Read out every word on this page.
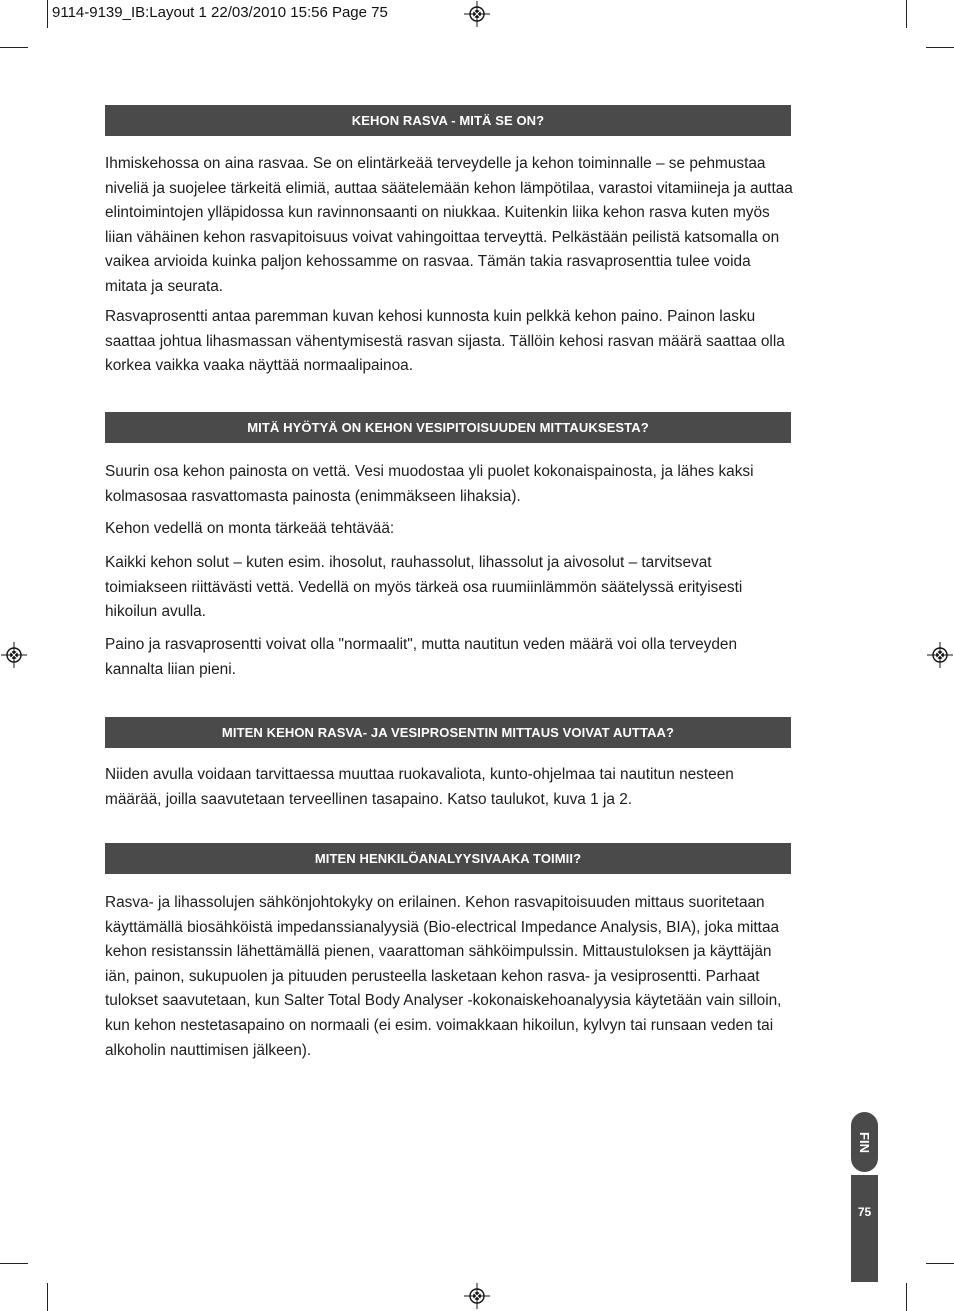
9114-9139_IB:Layout 1 22/03/2010 15:56 Page 75
KEHON RASVA - MITÄ SE ON?

Ihmiskehossa on aina rasvaa. Se on elintärkeää terveydelle ja kehon toiminnalle – se pehmustaa niveliä ja suojelee tärkeitä elimiä, auttaa säätelemään kehon lämpötilaa, varastoi vitamiineja ja auttaa elintoimintojen ylläpidossa kun ravinnonsaanti on niukkaa. Kuitenkin liika kehon rasva kuten myös liian vähäinen kehon rasvapitoisuus voivat vahingoittaa terveyttä. Pelkästään peilistä katsomalla on vaikea arvioida kuinka paljon kehossamme on rasvaa. Tämän takia rasvaprosenttia tulee voida mitata ja seurata.

Rasvaprosentti antaa paremman kuvan kehosi kunnosta kuin pelkkä kehon paino. Painon lasku saattaa johtua lihasmassan vähentymisestä rasvan sijasta. Tällöin kehosi rasvan määrä saattaa olla korkea vaikka vaaka näyttää normaalipainoa.

MITÄ HYÖTYÄ ON KEHON VESIPITOISUUDEN MITTAUKSESTA?

Suurin osa kehon painosta on vettä. Vesi muodostaa yli puolet kokonaispainosta, ja lähes kaksi kolmasosaa rasvattomasta painosta (enimmäkseen lihaksia).

Kehon vedellä on monta tärkeää tehtävää:

Kaikki kehon solut – kuten esim. ihosolut, rauhassolut, lihassolut ja aivosolut – tarvitsevat toimiakseen riittävästi vettä. Vedellä on myös tärkeä osa ruumiinlämmön säätelyssä erityisesti hikoilun avulla.

Paino ja rasvaprosentti voivat olla "normaalit", mutta nautitun veden määrä voi olla terveyden kannalta liian pieni.

MITEN KEHON RASVA- JA VESIPROSENTIN MITTAUS VOIVAT AUTTAA?

Niiden avulla voidaan tarvittaessa muuttaa ruokavaliota, kunto-ohjelmaa tai nautitun nesteen määrää, joilla saavutetaan terveellinen tasapaino. Katso taulukot, kuva 1 ja 2.

MITEN HENKILÖANALYYSIVAAKA TOIMII?

Rasva- ja lihassolujen sähkönjohtokyky on erilainen. Kehon rasvapitoisuuden mittaus suoritetaan käyttämällä biosähköistä impedanssianalyysiä (Bio-electrical Impedance Analysis, BIA), joka mittaa kehon resistanssin lähettämällä pienen, vaarattoman sähköimpulssin. Mittaustuloksen ja käyttäjän iän, painon, sukupuolen ja pituuden perusteella lasketaan kehon rasva- ja vesiprosentti. Parhaat tulokset saavutetaan, kun Salter Total Body Analyser -kokonaiskehoanalyysia käytetään vain silloin, kun kehon nestetasapaino on normaali (ei esim. voimakkaan hikoilun, kylvyn tai runsaan veden tai alkoholin nauttimisen jälkeen).

FIN
75
